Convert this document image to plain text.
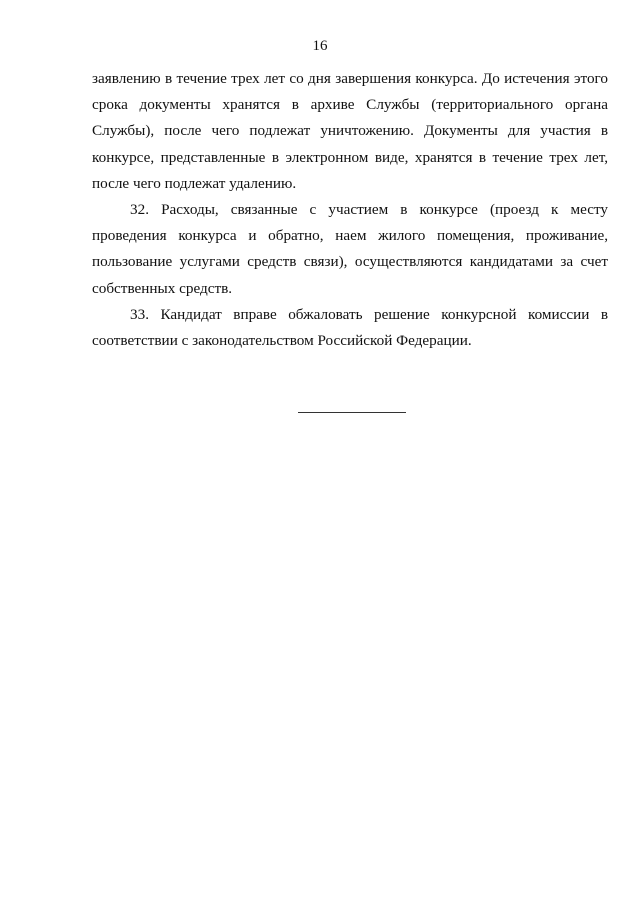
16

заявлению в течение трех лет со дня завершения конкурса. До истечения этого срока документы хранятся в архиве Службы (территориального органа Службы), после чего подлежат уничтожению. Документы для участия в конкурсе, представленные в электронном виде, хранятся в течение трех лет, после чего подлежат удалению.

32. Расходы, связанные с участием в конкурсе (проезд к месту проведения конкурса и обратно, наем жилого помещения, проживание, пользование услугами средств связи), осуществляются кандидатами за счет собственных средств.

33. Кандидат вправе обжаловать решение конкурсной комиссии в соответствии с законодательством Российской Федерации.
